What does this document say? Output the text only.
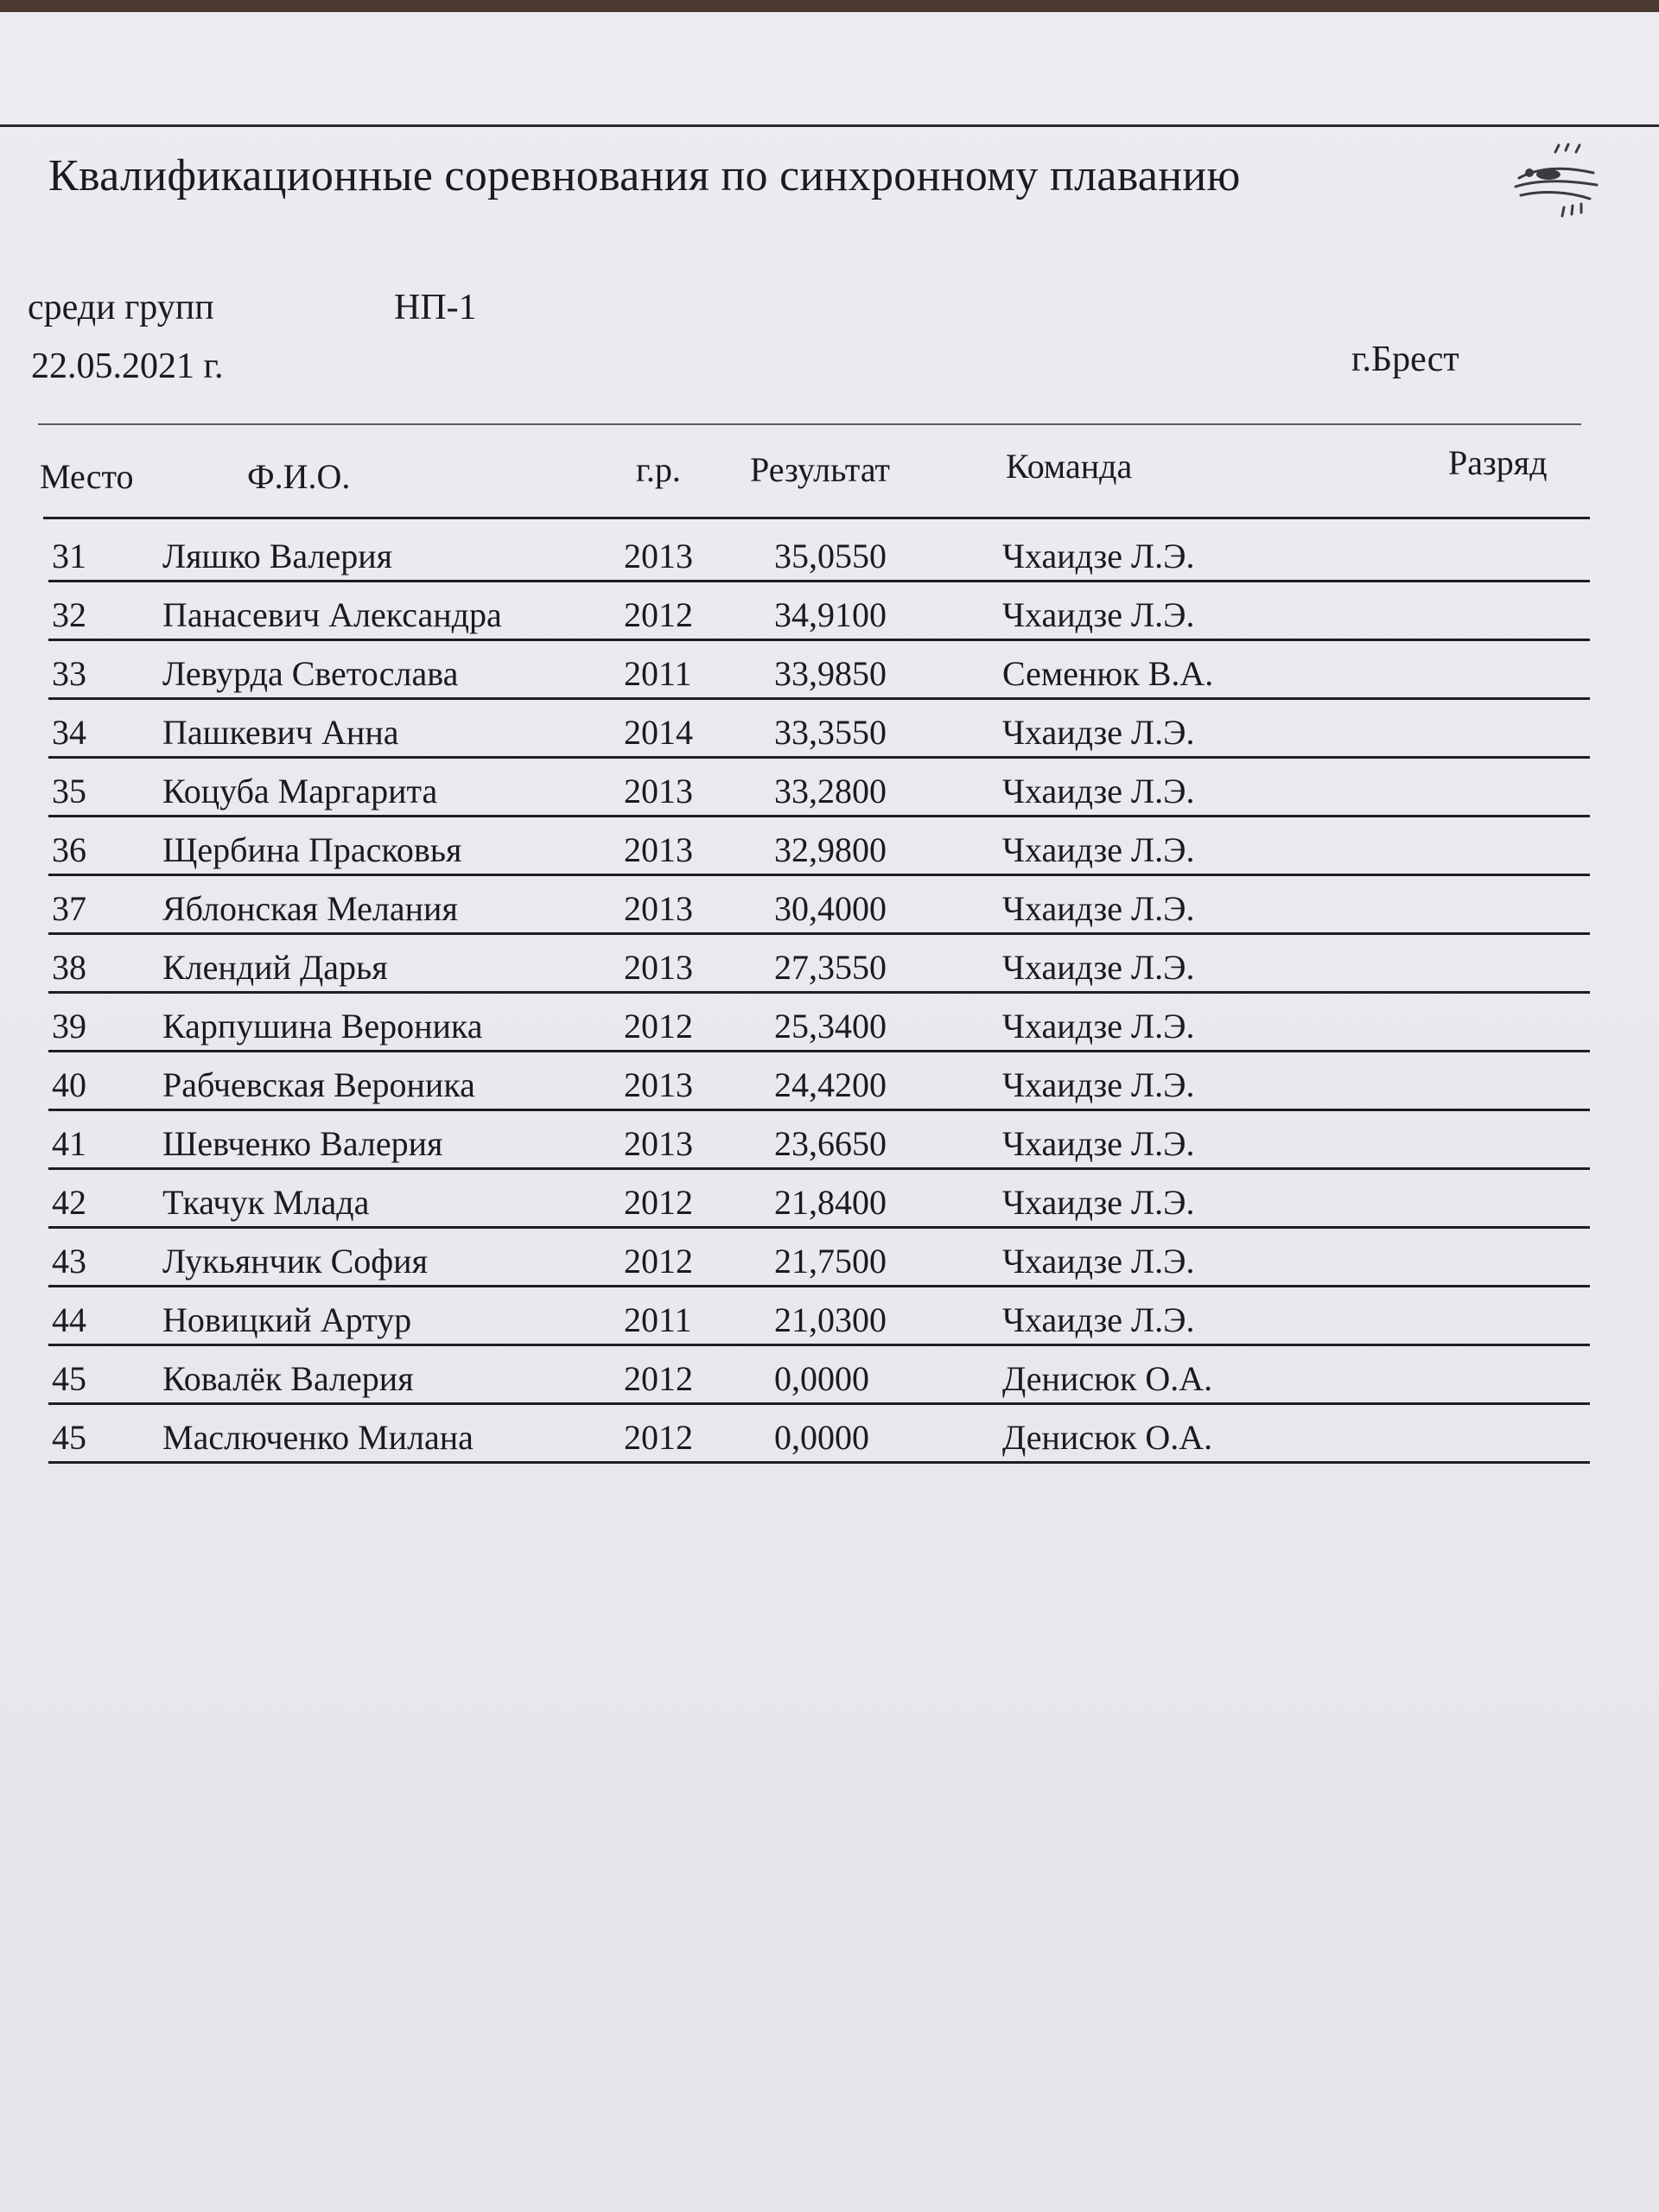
Квалификационные соревнования по синхронному плаванию
среди групп	НП-1
22.05.2021 г.	г.Брест
Место	Ф.И.О.	г.р. Результат	Команда	Разряд
31	Ляшко Валерия	2013 35,0550	Чхаидзе Л.Э.
32	Панасевич Александра	2012 34,9100	Чхаидзе Л.Э.
33	Левурда Светослава	2011 33,9850	Семенюк В.А.
34	Пашкевич Анна	2014 33,3550	Чхаидзе Л.Э.
35	Коцуба Маргарита	2013 33,2800	Чхаидзе Л.Э.
36	Щербина Прасковья	2013 32,9800	Чхаидзе Л.Э.
37	Яблонская Мелания	2013 30,4000	Чхаидзе Л.Э.
38	Клендий Дарья	2013 27,3550	Чхаидзе Л.Э.
39	Карпушина Вероника	2012 25,3400	Чхаидзе Л.Э.
40	Рабчевская Вероника	2013 24,4200	Чхаидзе Л.Э.
41	Шевченко Валерия	2013 23,6650	Чхаидзе Л.Э.
42	Ткачук Млада	2012 21,8400	Чхаидзе Л.Э.
43	Лукьянчик София	2012 21,7500	Чхаидзе Л.Э.
44	Новицкий Артур	2011 21,0300	Чхаидзе Л.Э.
45	Ковалёк Валерия	2012 0,0000	Денисюк О.А.
45	Маслюченко Милана	2012 0,0000	Денисюк О.А.
